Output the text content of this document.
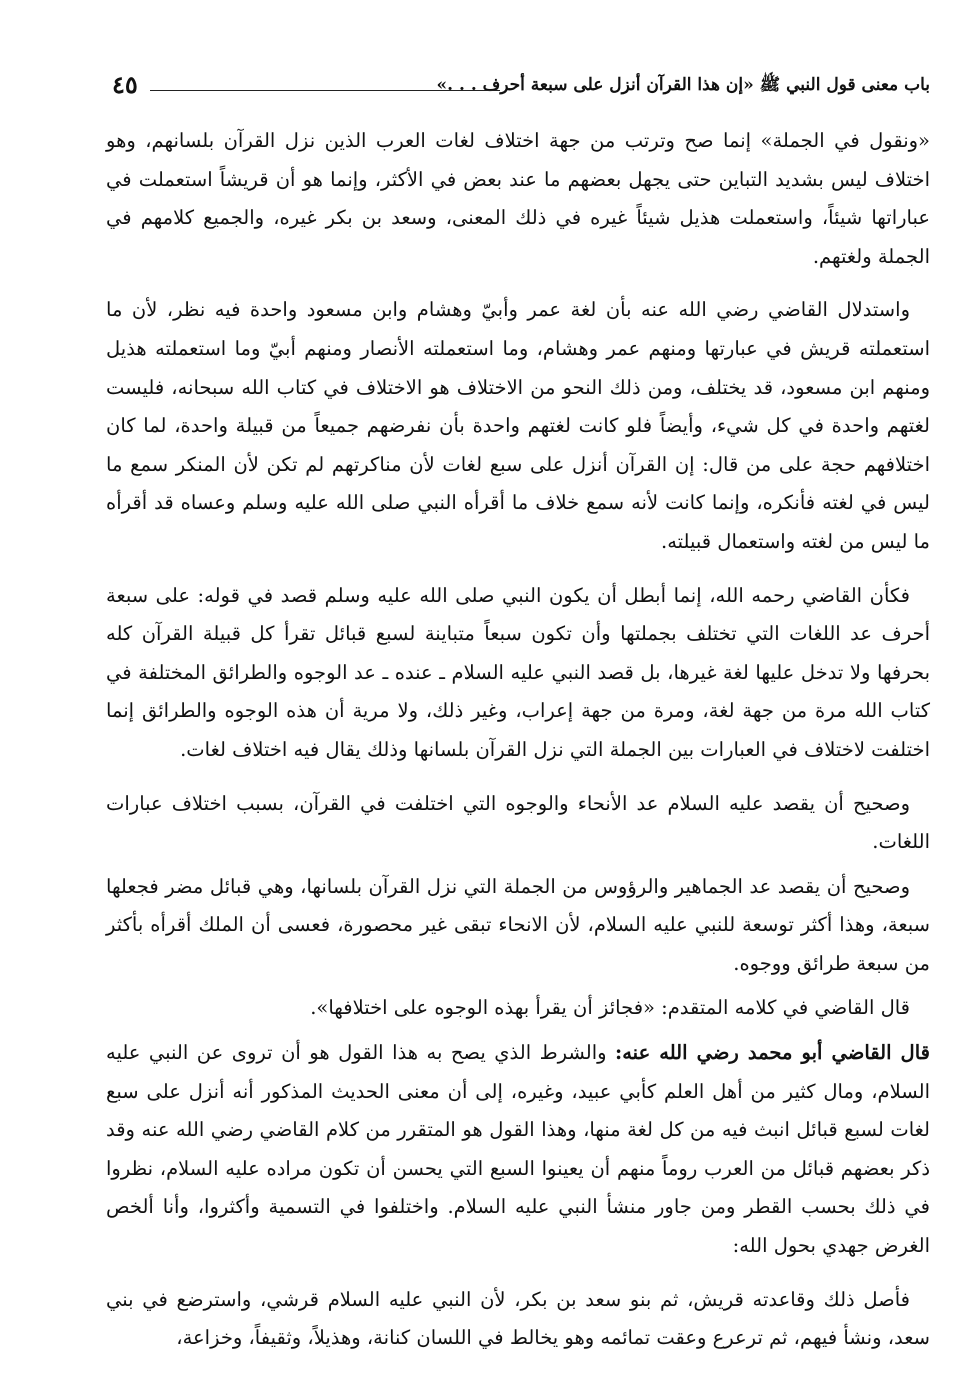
باب معنى قول النبي ﷺ «إن هذا القرآن أنزل على سبعة أحرف . . .»
٤٥

«ونقول في الجملة» إنما صح وترتب من جهة اختلاف لغات العرب الذين نزل القرآن بلسانهم، وهو اختلاف ليس بشديد التباين حتى يجهل بعضهم ما عند بعض في الأكثر، وإنما هو أن قريشاً استعملت في عباراتها شيئاً، واستعملت هذيل شيئاً غيره في ذلك المعنى، وسعد بن بكر غيره، والجميع كلامهم في الجملة ولغتهم.

واستدلال القاضي رضي الله عنه بأن لغة عمر وأبيّ وهشام وابن مسعود واحدة فيه نظر، لأن ما استعملته قريش في عبارتها ومنهم عمر وهشام، وما استعملته الأنصار ومنهم أبيّ وما استعملته هذيل ومنهم ابن مسعود، قد يختلف، ومن ذلك النحو من الاختلاف هو الاختلاف في كتاب الله سبحانه، فليست لغتهم واحدة في كل شيء، وأيضاً فلو كانت لغتهم واحدة بأن نفرضهم جميعاً من قبيلة واحدة، لما كان اختلافهم حجة على من قال: إن القرآن أنزل على سبع لغات لأن مناكرتهم لم تكن لأن المنكر سمع ما ليس في لغته فأنكره، وإنما كانت لأنه سمع خلاف ما أقرأه النبي صلى الله عليه وسلم وعساه قد أقرأه ما ليس من لغته واستعمال قبيلته.

فكأن القاضي رحمه الله، إنما أبطل أن يكون النبي صلى الله عليه وسلم قصد في قوله: على سبعة أحرف عد اللغات التي تختلف بجملتها وأن تكون سبعاً متباينة لسبع قبائل تقرأ كل قبيلة القرآن كله بحرفها ولا تدخل عليها لغة غيرها، بل قصد النبي عليه السلام ـ عنده ـ عد الوجوه والطرائق المختلفة في كتاب الله مرة من جهة لغة، ومرة من جهة إعراب، وغير ذلك، ولا مرية أن هذه الوجوه والطرائق إنما اختلفت لاختلاف في العبارات بين الجملة التي نزل القرآن بلسانها وذلك يقال فيه اختلاف لغات.

وصحيح أن يقصد عليه السلام عد الأنحاء والوجوه التي اختلفت في القرآن، بسبب اختلاف عبارات اللغات.

وصحيح أن يقصد عد الجماهير والرؤوس من الجملة التي نزل القرآن بلسانها، وهي قبائل مضر فجعلها سبعة، وهذا أكثر توسعة للنبي عليه السلام، لأن الانحاء تبقى غير محصورة، فعسى أن الملك أقرأه بأكثر من سبعة طرائق ووجوه.

قال القاضي في كلامه المتقدم: «فجائز أن يقرأ بهذه الوجوه على اختلافها».

قال القاضي أبو محمد رضي الله عنه: والشرط الذي يصح به هذا القول هو أن تروى عن النبي عليه السلام، ومال كثير من أهل العلم كأبي عبيد، وغيره، إلى أن معنى الحديث المذكور أنه أنزل على سبع لغات لسبع قبائل انبث فيه من كل لغة منها، وهذا القول هو المتقرر من كلام القاضي رضي الله عنه وقد ذكر بعضهم قبائل من العرب روماً منهم أن يعينوا السبع التي يحسن أن تكون مراده عليه السلام، نظروا في ذلك بحسب القطر ومن جاور منشأ النبي عليه السلام. واختلفوا في التسمية وأكثروا، وأنا ألخص الغرض جهدي بحول الله:

فأصل ذلك وقاعدته قريش، ثم بنو سعد بن بكر، لأن النبي عليه السلام قرشي، واسترضع في بني سعد، ونشأ فيهم، ثم ترعرع وعقت تمائمه وهو يخالط في اللسان كنانة، وهذيلاً، وثقيفاً، وخزاعة،
